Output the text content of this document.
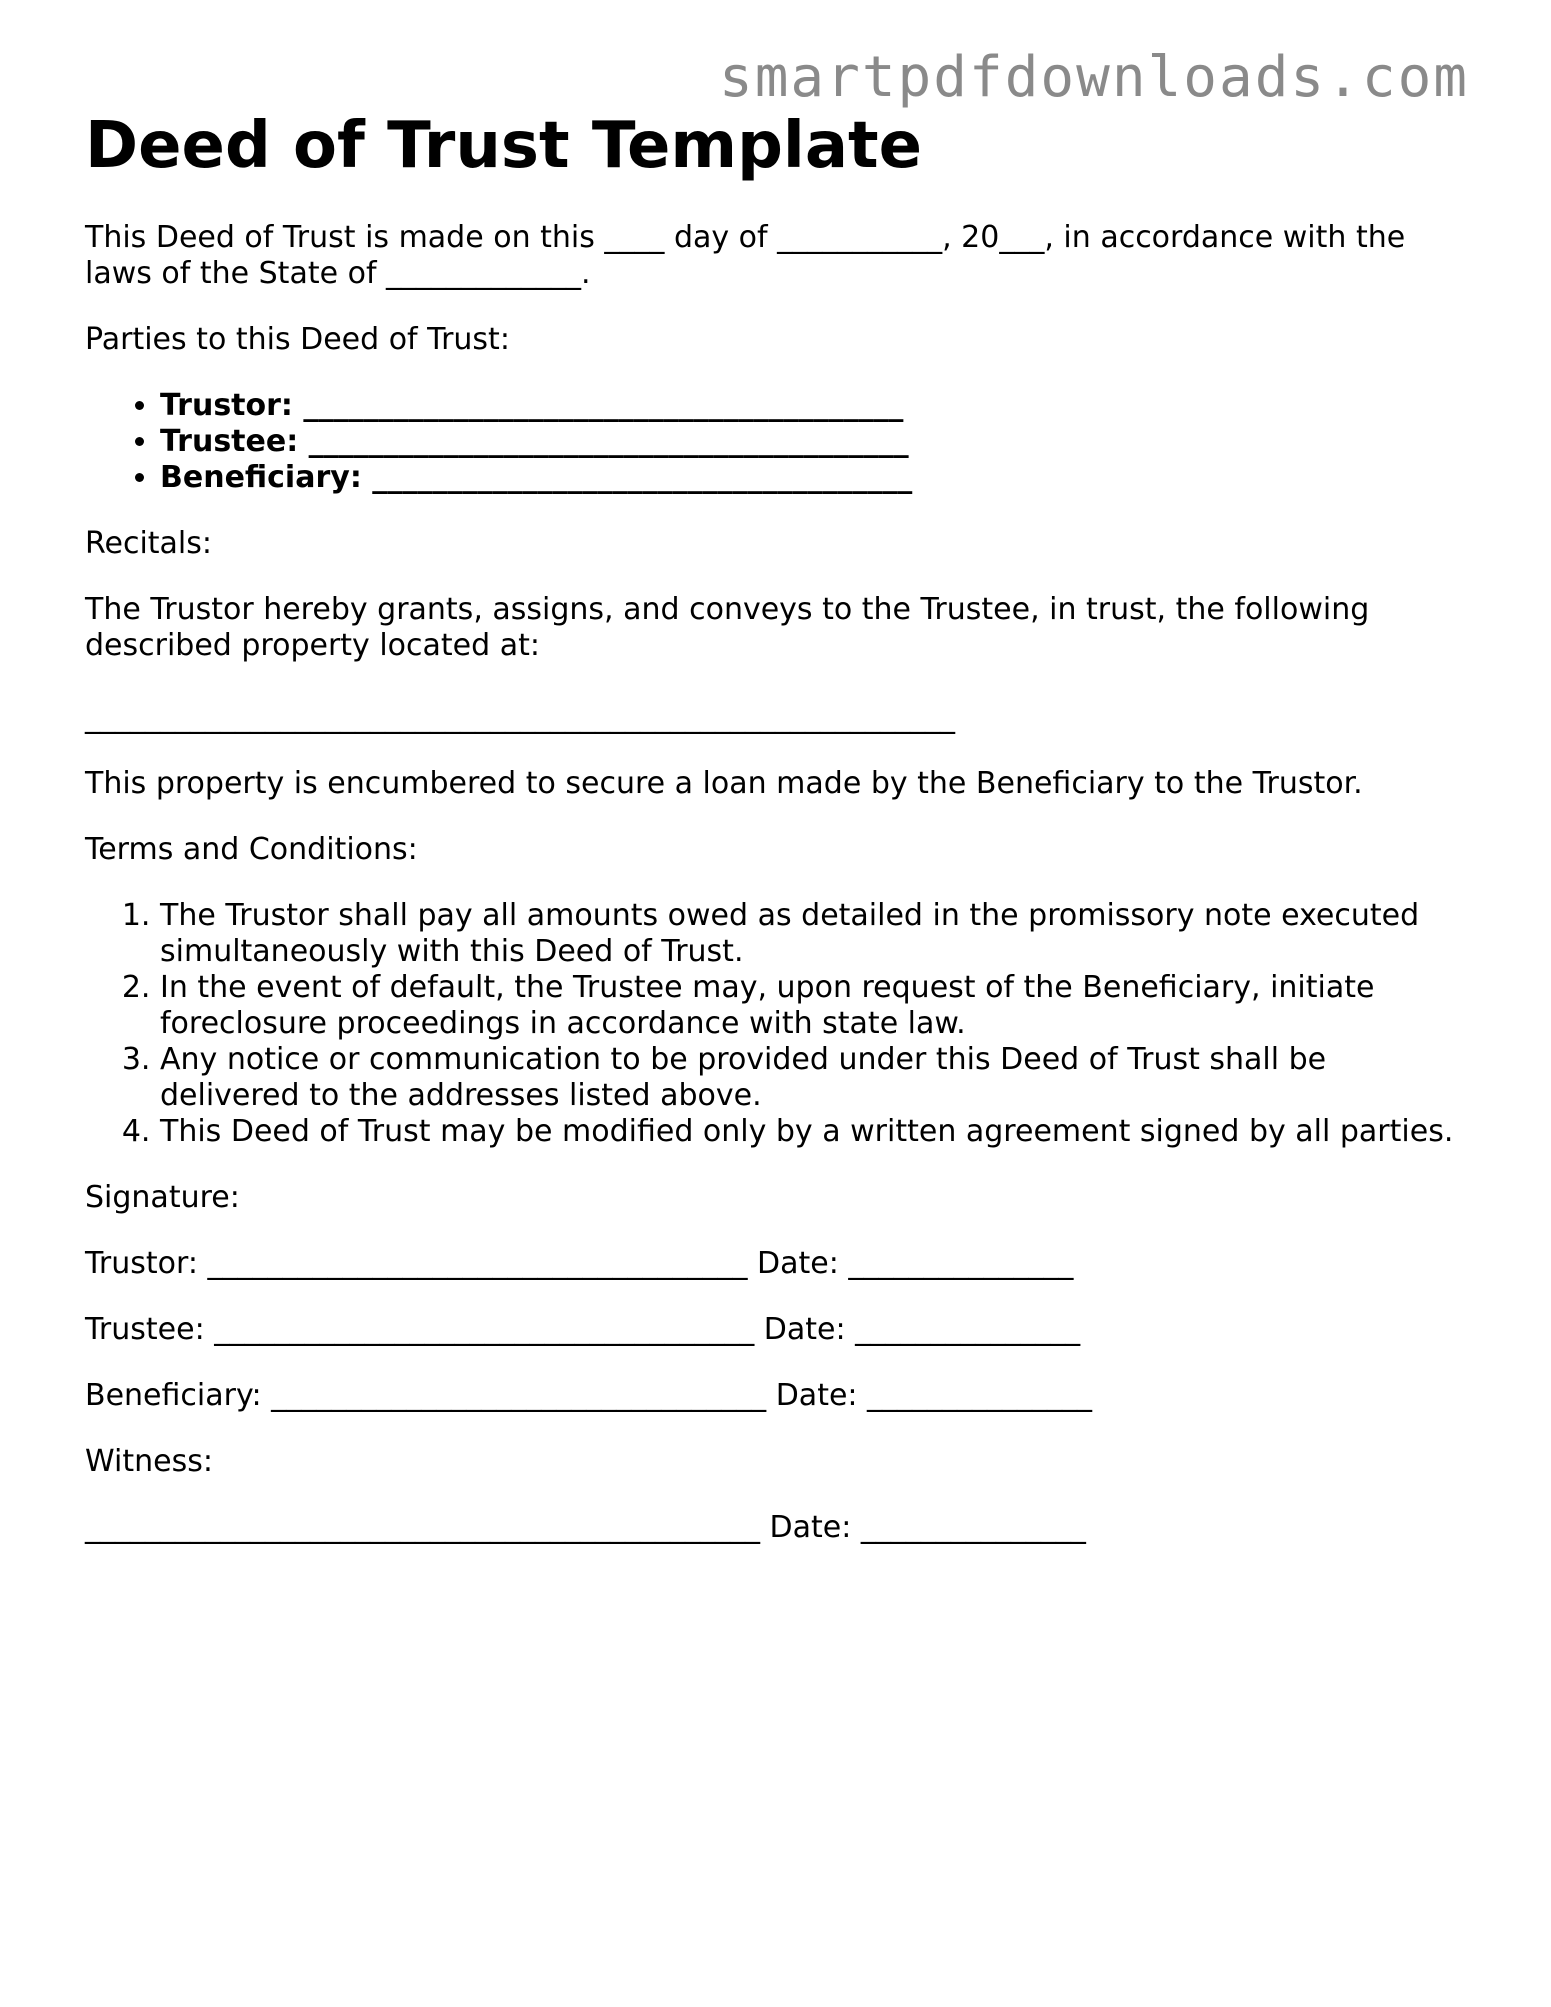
smartpdfdownloads.com
Deed of Trust Template

This Deed of Trust is made on this ____ day of ___________, 20___, in accordance with the laws of the State of _____________.

Parties to this Deed of Trust:

• Trustor: ________________________________________
• Trustee: ________________________________________
• Beneficiary: ____________________________________

Recitals:

The Trustor hereby grants, assigns, and conveys to the Trustee, in trust, the following described property located at:

__________________________________________________________

This property is encumbered to secure a loan made by the Beneficiary to the Trustor.

Terms and Conditions:

1. The Trustor shall pay all amounts owed as detailed in the promissory note executed simultaneously with this Deed of Trust.
2. In the event of default, the Trustee may, upon request of the Beneficiary, initiate foreclosure proceedings in accordance with state law.
3. Any notice or communication to be provided under this Deed of Trust shall be delivered to the addresses listed above.
4. This Deed of Trust may be modified only by a written agreement signed by all parties.

Signature:

Trustor: ____________________________________ Date: _______________
Trustee: ____________________________________ Date: _______________
Beneficiary: _________________________________ Date: _______________

Witness:

_____________________________________________ Date: _______________
